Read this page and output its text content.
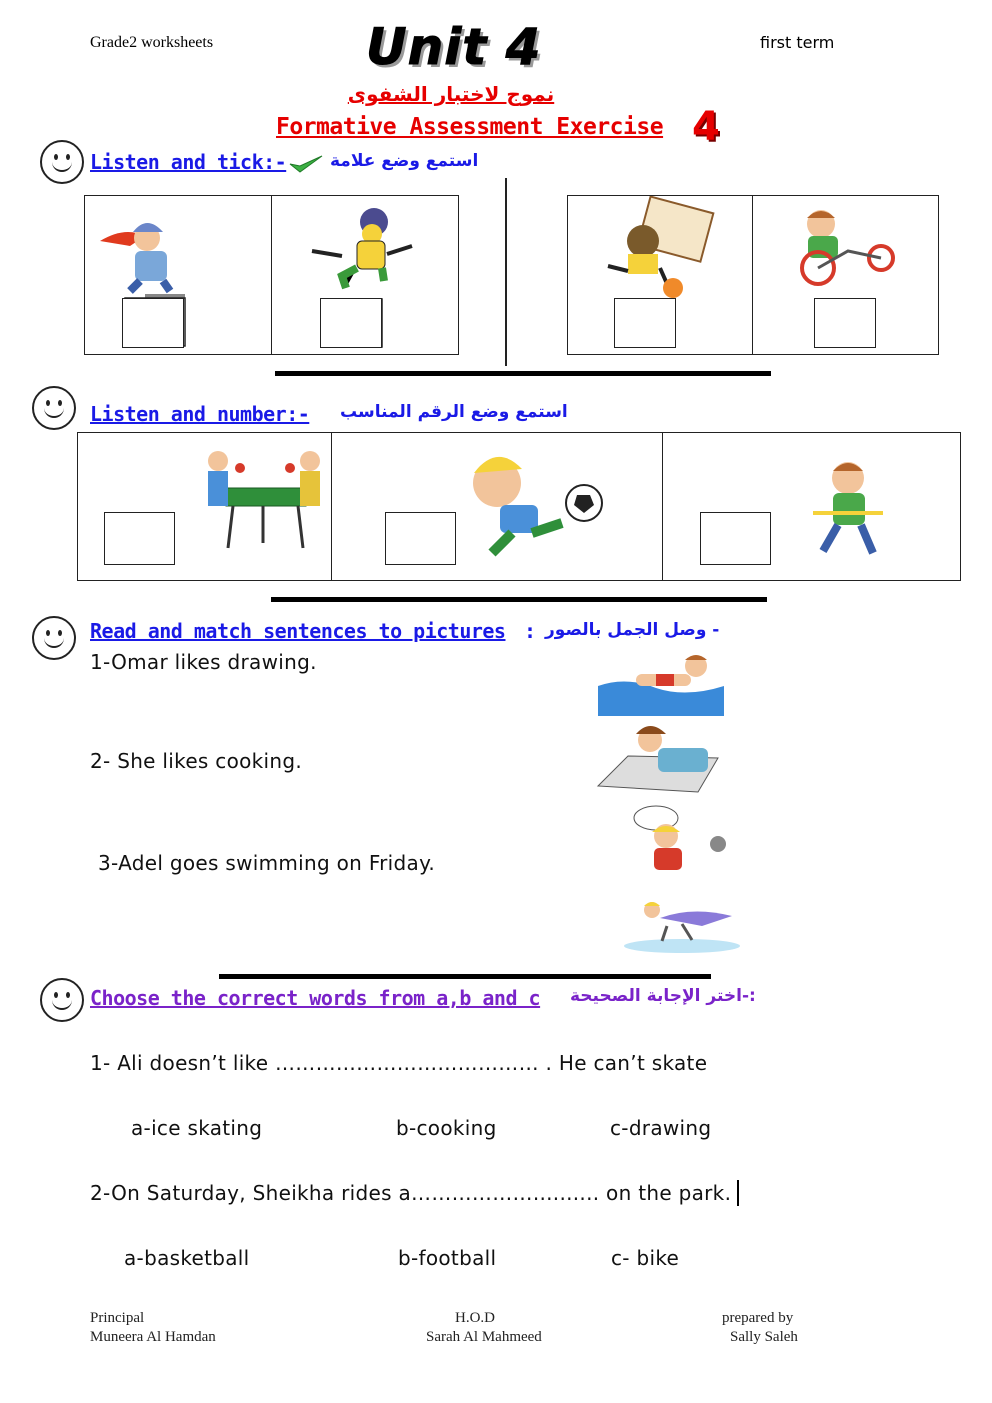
Grade2 worksheets	Unit 4	first term
نموج لاختبار الشفوى
Formative Assessment Exercise 4
Listen and tick:-	استمع وضع علامة
Listen and number:- استمع وضع الرقم المناسب
Read and match sentences to pictures : - وصل الجمل بالصور
1-Omar likes drawing.
2- She likes cooking.
3-Adel goes swimming on Friday.
Choose the correct words from a,b and c :-اختر الإجابة الصحيحة
1- Ali doesn’t like ………………………………… . He can’t skate
a-ice skating	b-cooking	c-drawing
2-On Saturday, Sheikha rides a……………….......... on the park.
a-basketball	b-football	c- bike
Principal
Muneera Al Hamdan
H.O.D
Sarah Al Mahmeed
prepared by
Sally Saleh
